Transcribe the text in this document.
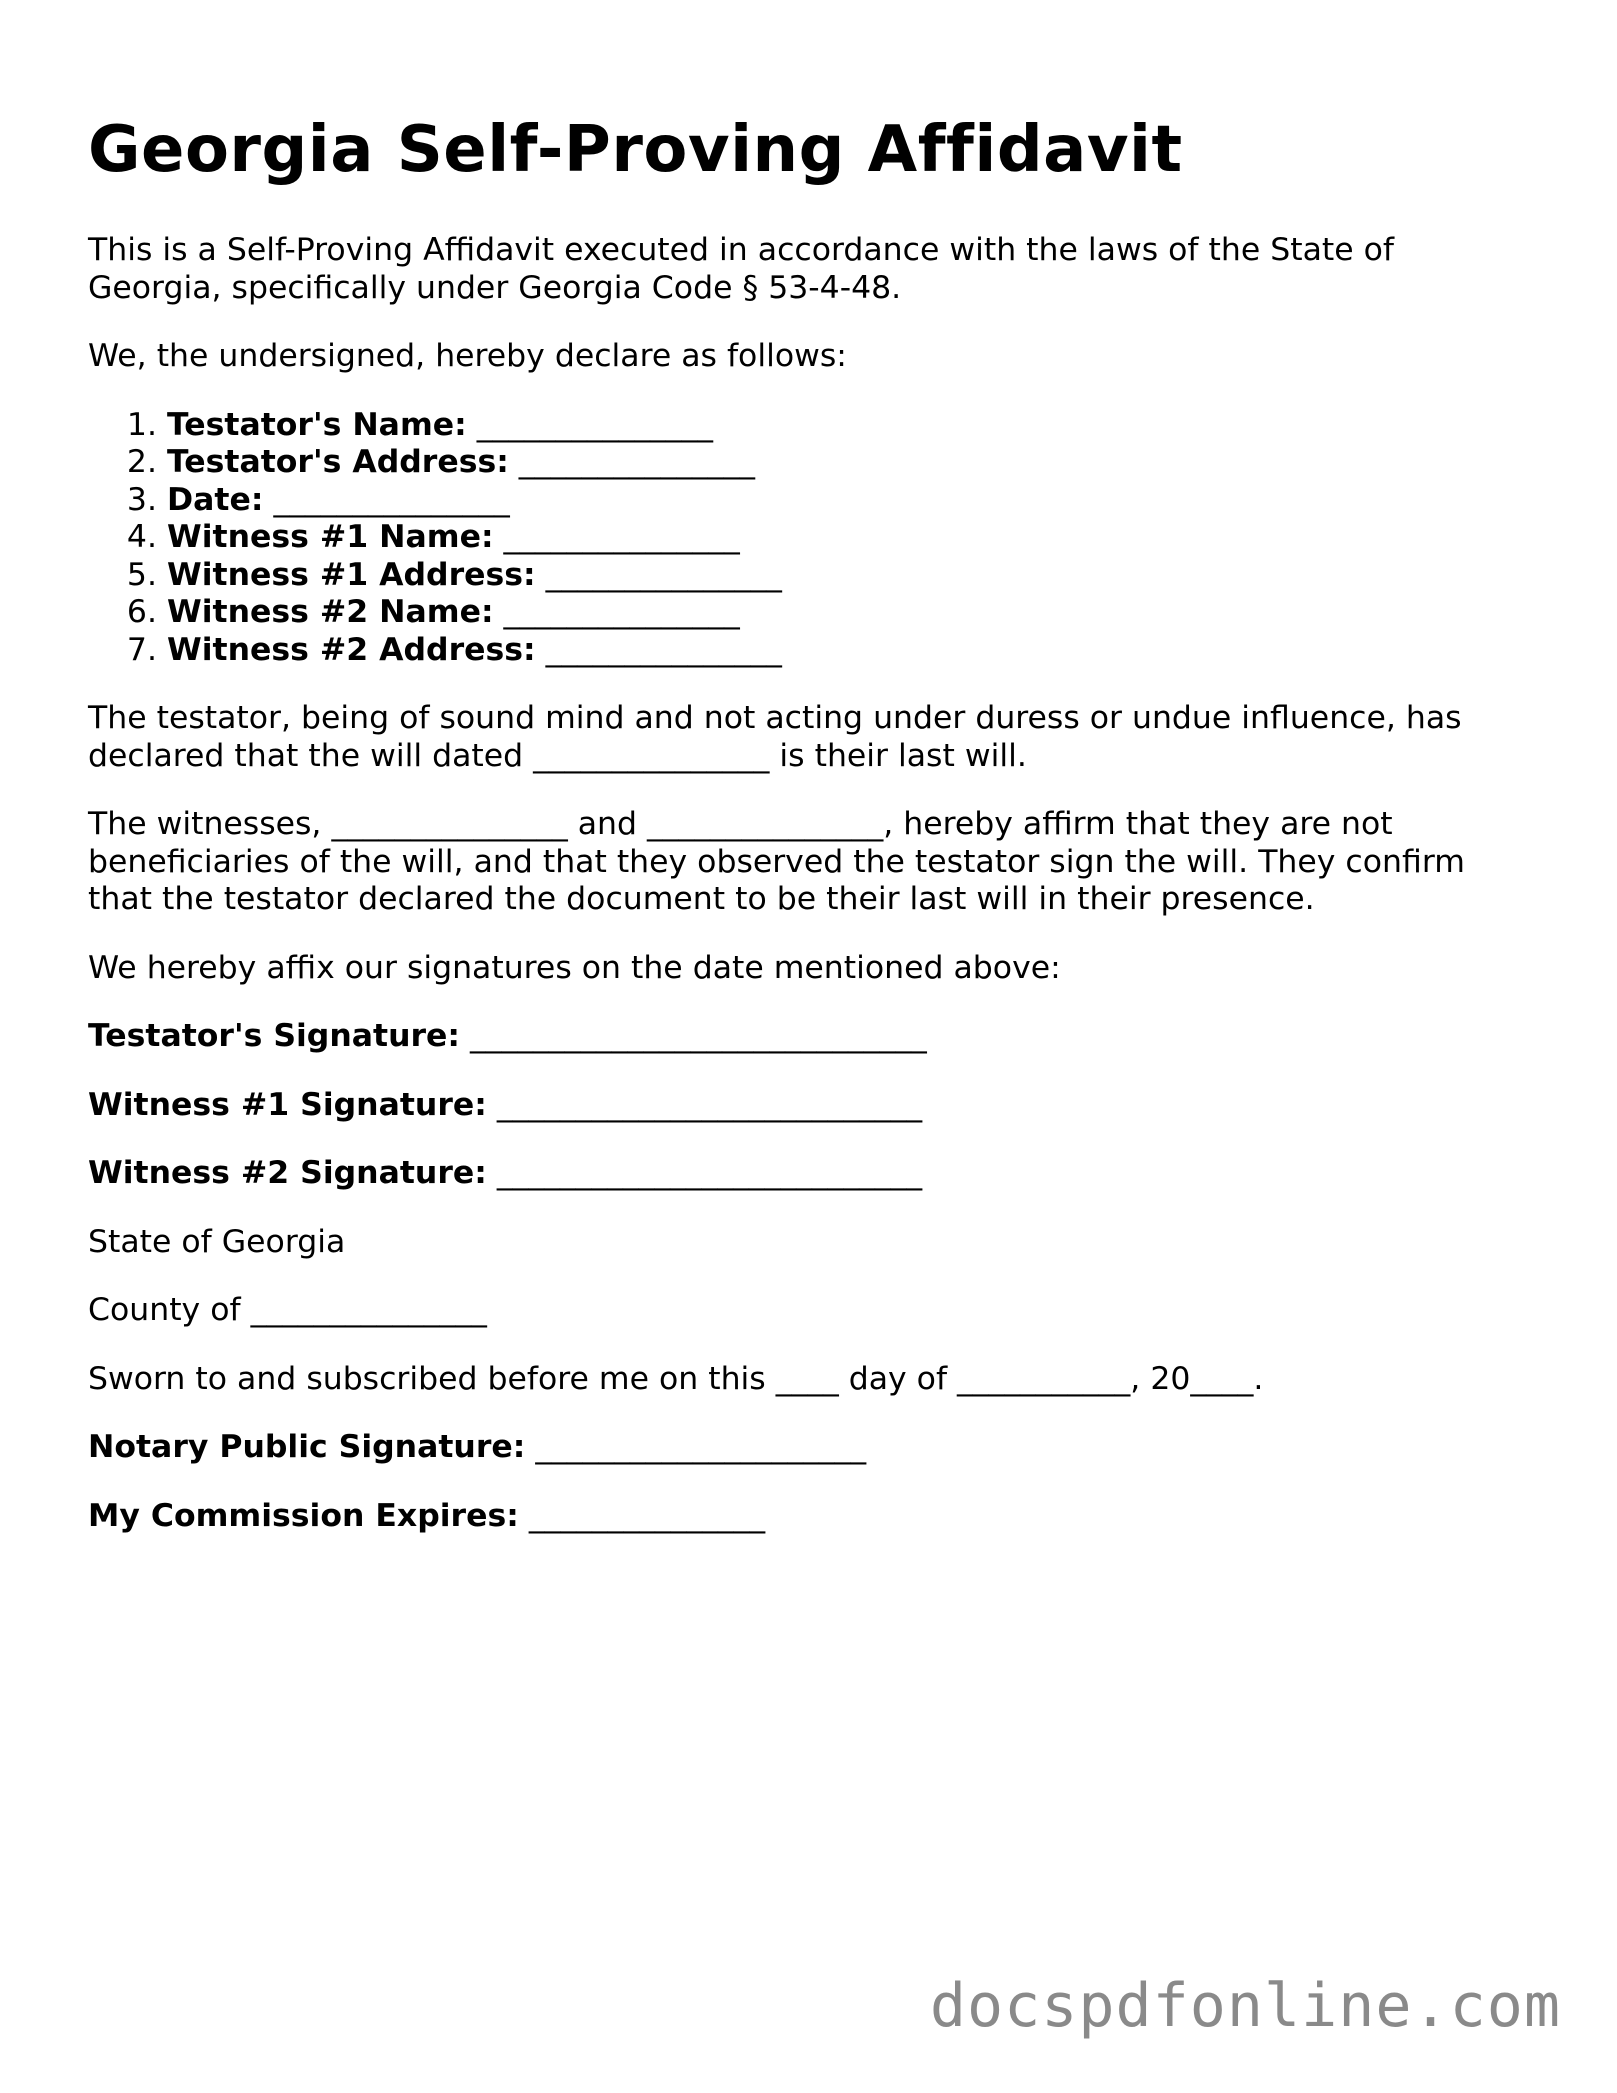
Georgia Self-Proving Affidavit

This is a Self-Proving Affidavit executed in accordance with the laws of the State of Georgia, specifically under Georgia Code § 53-4-48.

We, the undersigned, hereby declare as follows:

1. Testator's Name: _______________
2. Testator's Address: _______________
3. Date: _______________
4. Witness #1 Name: _______________
5. Witness #1 Address: _______________
6. Witness #2 Name: _______________
7. Witness #2 Address: _______________

The testator, being of sound mind and not acting under duress or undue influence, has declared that the will dated _______________ is their last will.

The witnesses, _______________ and _______________, hereby affirm that they are not beneficiaries of the will, and that they observed the testator sign the will. They confirm that the testator declared the document to be their last will in their presence.

We hereby affix our signatures on the date mentioned above:

Testator's Signature: _____________________________

Witness #1 Signature: ___________________________

Witness #2 Signature: ___________________________

State of Georgia

County of _______________

Sworn to and subscribed before me on this ____ day of ___________, 20____.

Notary Public Signature: _____________________

My Commission Expires: _______________

docspdfonline.com
